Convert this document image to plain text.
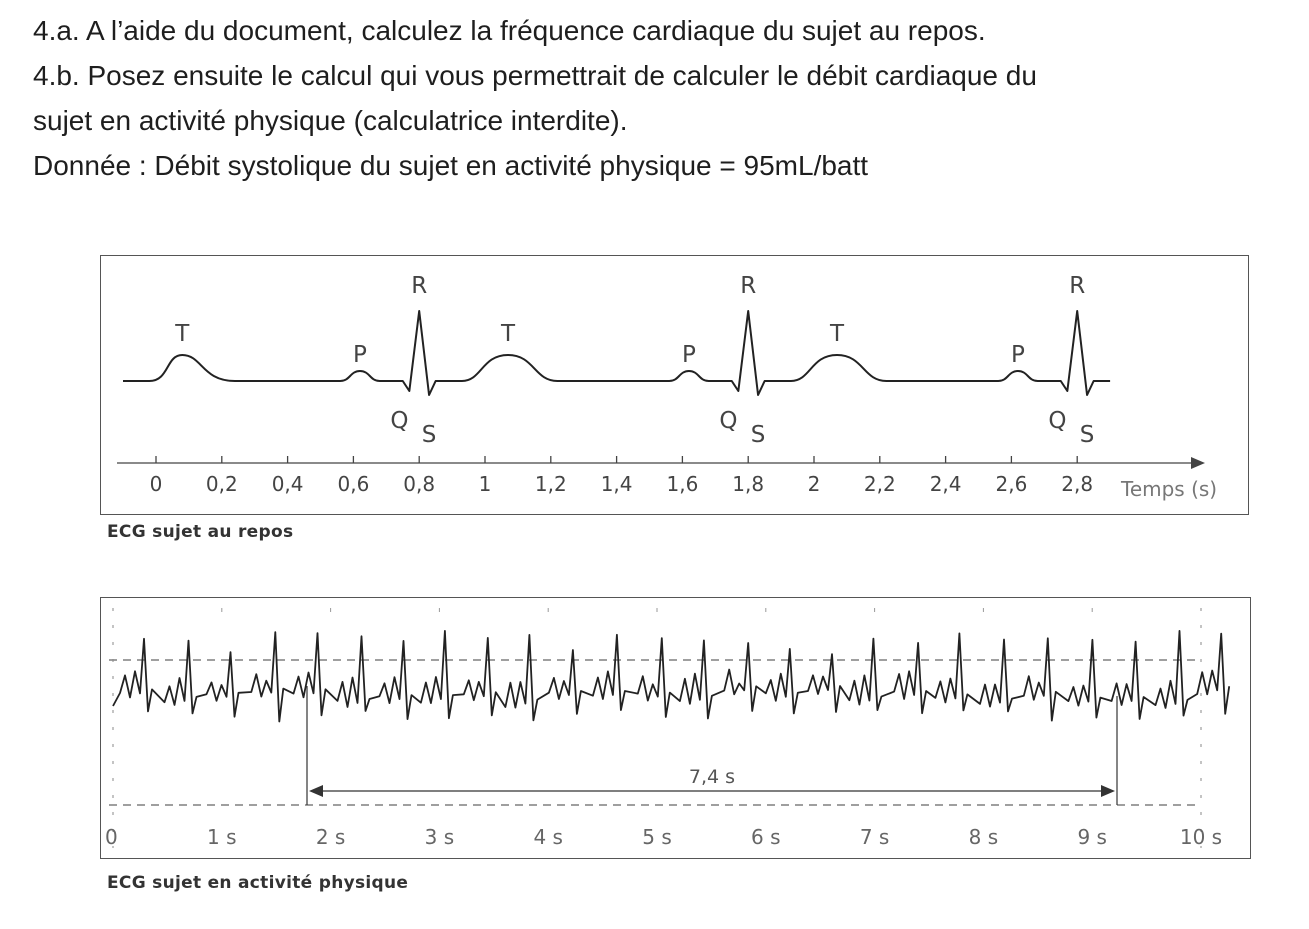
4.a. A l’aide du document, calculez la fréquence cardiaque du sujet au repos.

4.b. Posez ensuite le calcul qui vous permettrait de calculer le débit cardiaque du

sujet en activité physique (calculatrice interdite).

Donnée : Débit systolique du sujet en activité physique = 95mL/batt

0 0,2 0,4 0,6 0,8 1 1,2 1,4 1,6 1,8 2 2,2 2,4 2,6 2,8
T
P
R
Q
S
T
P
R
Q
S
T
P
R
Q
S
Temps (s)
ECG sujet au repos
7,4 s
0	1 s	2 s	3 s	4 s	5 s	6 s	7 s	8 s	9 s	10 s
ECG sujet en activité physique
